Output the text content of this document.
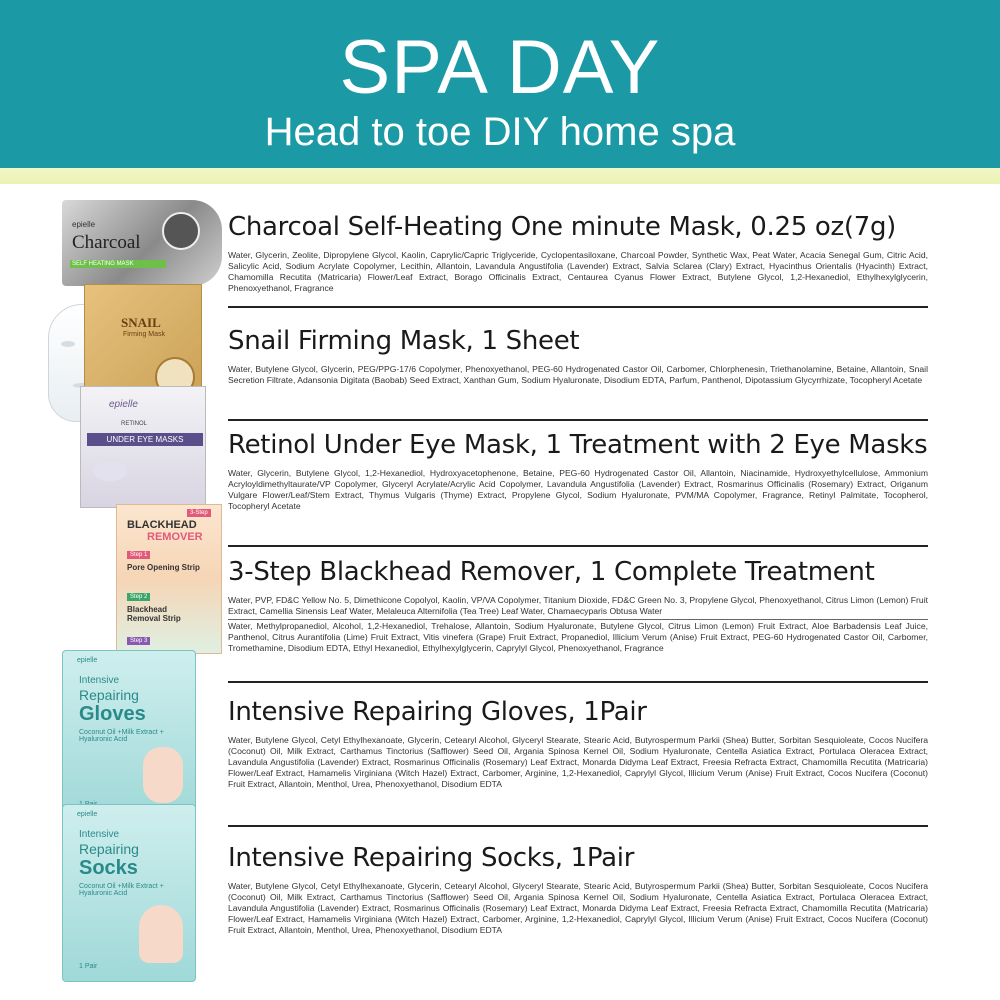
SPA DAY
Head to toe DIY home spa
epielle
Charcoal
SELF HEATING MASK
SNAIL
Firming Mask
epielle
RETINOL
UNDER EYE MASKS
3-Step
BLACKHEAD
REMOVER
Step 1
Pore Opening Strip
Step 2
Blackhead Removal Strip
Step 3
epielle
Intensive
Repairing
Gloves
Coconut Oil +Milk Extract + Hyaluronic Acid
epielle
Intensive
Repairing
Socks
Coconut Oil +Milk Extract + Hyaluronic Acid
1 Pair
Charcoal Self-Heating One minute Mask, 0.25 oz(7g)
Water, Glycerin, Zeolite, Dipropylene Glycol, Kaolin, Caprylic/Capric Triglyceride, Cyclopentasiloxane, Charcoal Powder, Synthetic Wax, Peat Water, Acacia Senegal Gum, Citric Acid, Salicylic Acid, Sodium Acrylate Copolymer, Lecithin, Allantoin, Lavandula Angustifolia (Lavender) Extract, Salvia Sclarea (Clary) Extract, Hyacinthus Orientalis (Hyacinth) Extract, Chamomilla Recutita (Matricaria) Flower/Leaf Extract, Borago Officinalis Extract, Centaurea Cyanus Flower Extract, Butylene Glycol, 1,2-Hexanediol, Ethylhexylglycerin, Phenoxyethanol, Fragrance
Snail Firming Mask, 1 Sheet
Water, Butylene Glycol, Glycerin, PEG/PPG-17/6 Copolymer, Phenoxyethanol, PEG-60 Hydrogenated Castor Oil, Carbomer, Chlorphenesin, Triethanolamine, Betaine, Allantoin, Snail Secretion Filtrate, Adansonia Digitata (Baobab) Seed Extract, Xanthan Gum, Sodium Hyaluronate, Disodium EDTA, Parfum, Panthenol, Dipotassium Glycyrrhizate, Tocopheryl Acetate
Retinol Under Eye Mask, 1 Treatment with 2 Eye Masks
Water, Glycerin, Butylene Glycol, 1,2-Hexanediol, Hydroxyacetophenone, Betaine, PEG-60 Hydrogenated Castor Oil, Allantoin, Niacinamide, Hydroxyethylcellulose, Ammonium Acryloyldimethyltaurate/VP Copolymer, Glyceryl Acrylate/Acrylic Acid Copolymer, Lavandula Angustifolia (Lavender) Extract, Rosmarinus Officinalis (Rosemary) Extract, Origanum Vulgare Flower/Leaf/Stem Extract, Thymus Vulgaris (Thyme) Extract, Propylene Glycol, Sodium Hyaluronate, PVM/MA Copolymer, Fragrance, Retinyl Palmitate, Tocopherol, Tocopheryl Acetate
3-Step Blackhead Remover, 1 Complete Treatment
Water, PVP, FD&C Yellow No. 5, Dimethicone Copolyol, Kaolin, VP/VA Copolymer, Titanium Dioxide, FD&C Green No. 3, Propylene Glycol, Phenoxyethanol, Citrus Limon (Lemon) Fruit Extract, Camellia Sinensis Leaf Water, Melaleuca Alternifolia (Tea Tree) Leaf Water, Chamaecyparis Obtusa Water
Water, Methylpropanediol, Alcohol, 1,2-Hexanediol, Trehalose, Allantoin, Sodium Hyaluronate, Butylene Glycol, Citrus Limon (Lemon) Fruit Extract, Aloe Barbadensis Leaf Juice, Panthenol, Citrus Aurantifolia (Lime) Fruit Extract, Vitis vinefera (Grape) Fruit Extract, Propanediol, Illicium Verum (Anise) Fruit Extract, PEG-60 Hydrogenated Castor Oil, Carbomer, Tromethamine, Disodium EDTA, Ethyl Hexanediol, Ethylhexylglycerin, Caprylyl Glycol, Phenoxyethanol, Fragrance
Intensive Repairing Gloves, 1Pair
Water, Butylene Glycol, Cetyl Ethylhexanoate, Glycerin, Cetearyl Alcohol, Glyceryl Stearate, Stearic Acid, Butyrospermum Parkii (Shea) Butter, Sorbitan Sesquioleate, Cocos Nucifera (Coconut) Oil, Milk Extract, Carthamus Tinctorius (Safflower) Seed Oil, Argania Spinosa Kernel Oil, Sodium Hyaluronate, Centella Asiatica Extract, Portulaca Oleracea Extract, Lavandula Angustifolia (Lavender) Extract, Rosmarinus Officinalis (Rosemary) Leaf Extract, Monarda Didyma Leaf Extract, Freesia Refracta Extract, Chamomilla Recutita (Matricaria) Flower/Leaf Extract, Hamamelis Virginiana (Witch Hazel) Extract, Carbomer, Arginine, 1,2-Hexanediol, Caprylyl Glycol, Illicium Verum (Anise) Fruit Extract, Cocos Nucifera (Coconut) Fruit Extract, Allantoin, Menthol, Urea, Phenoxyethanol, Disodium EDTA
Intensive Repairing Socks, 1Pair
Water, Butylene Glycol, Cetyl Ethylhexanoate, Glycerin, Cetearyl Alcohol, Glyceryl Stearate, Stearic Acid, Butyrospermum Parkii (Shea) Butter, Sorbitan Sesquioleate, Cocos Nucifera (Coconut) Oil, Milk Extract, Carthamus Tinctorius (Safflower) Seed Oil, Argania Spinosa Kernel Oil, Sodium Hyaluronate, Centella Asiatica Extract, Portulaca Oleracea Extract, Lavandula Angustifolia (Lavender) Extract, Rosmarinus Officinalis (Rosemary) Leaf Extract, Monarda Didyma Leaf Extract, Freesia Refracta Extract, Chamomilla Recutita (Matricaria) Flower/Leaf Extract, Hamamelis Virginiana (Witch Hazel) Extract, Carbomer, Arginine, 1,2-Hexanediol, Caprylyl Glycol, Illicium Verum (Anise) Fruit Extract, Cocos Nucifera (Coconut) Fruit Extract, Allantoin, Menthol, Urea, Phenoxyethanol, Disodium EDTA
